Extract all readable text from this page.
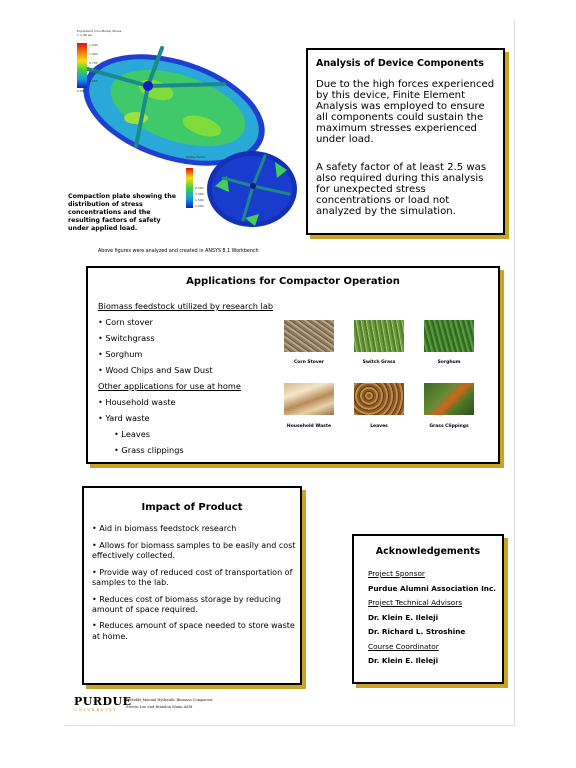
Equivalent (von-Mises) Stress
Y. 1.46 psi
1.200
1.000
0.750
0.500
0.250
0.000
Safety Factor
2.500
2.000
1.500
1.000
Compaction plate showing the distribution of stress concentrations and the resulting factors of safety under applied load.
Above figures were analyzed and created in ANSYS 8.1 Workbench
Analysis of Device Components

Due to the high forces experienced by this device, Finite Element Analysis was employed to ensure all components could sustain the maximum stresses experienced under load.

A safety factor of at least 2.5 was also required during this analysis for unexpected stress concentrations or load not analyzed by the simulation.

Applications for Compactor Operation
Biomass feedstock utilized by research lab
• Corn stover
• Switchgrass
• Sorghum
• Wood Chips and Saw Dust
Other applications for use at home
• Household waste
• Yard waste
• Leaves
• Grass clippings
Corn Stover	Switch Grass	Sorghum
Household Waste	Leaves	Grass Clippings
Impact of Product
• Aid in biomass feedstock research
• Allows for biomass samples to be easily and cost effectively collected.
• Provide way of reduced cost of transportation of samples to the lab.
• Reduces cost of biomass storage by reducing amount of space required.
• Reduces amount of space needed to store waste at home.
Acknowledgements
Project Sponsor
Purdue Alumni Association Inc.
Project Technical Advisors
Dr. Klein E. Ileleji
Dr. Richard L. Stroshine
Course Coordinator
Dr. Klein E. Ileleji
PURDUE
UNIVERSITY
Portable Manual Hydraulic Biomass Compactor
Steven Lee and Brandon Mann ASM
